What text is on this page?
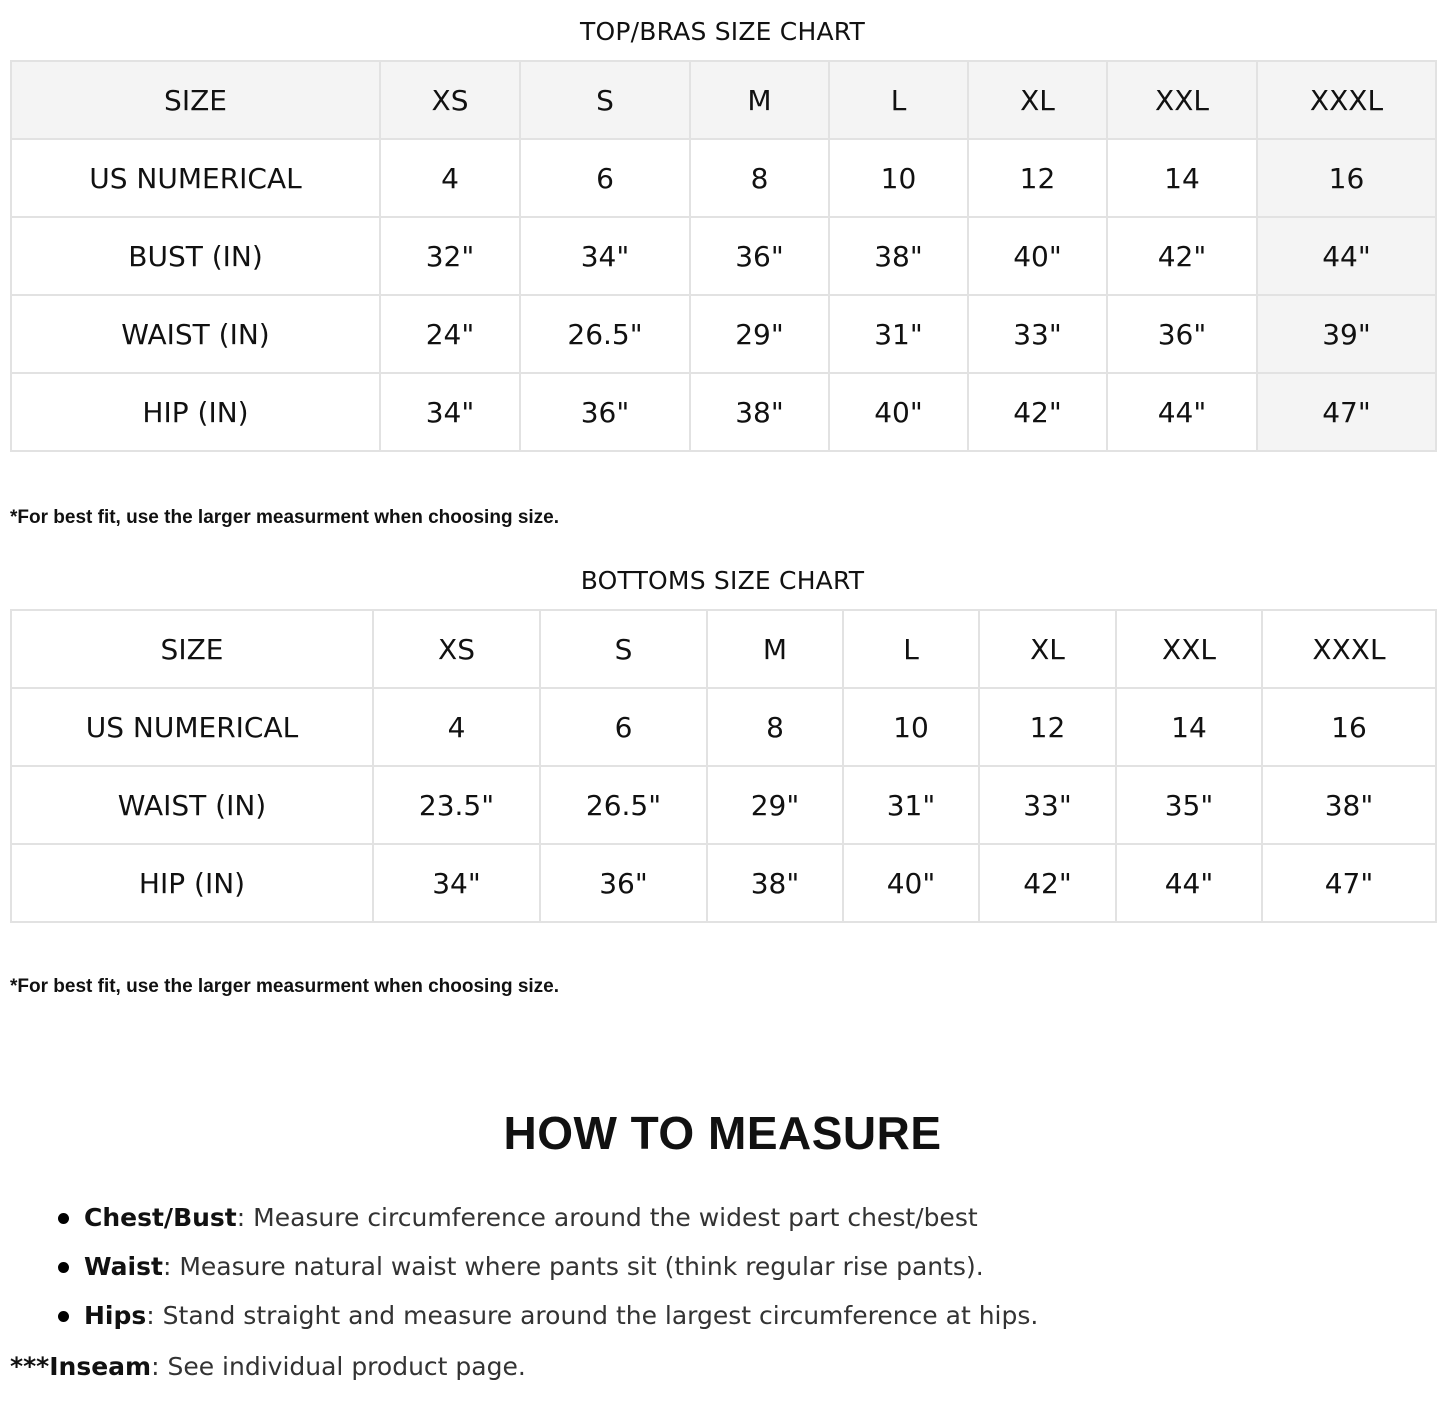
TOP/BRAS SIZE CHART
SIZE	XS	S	M	L	XL	XXL	XXXL
US NUMERICAL	4	6	8	10	12	14	16
BUST (IN)	32"	34"	36"	38"	40"	42"	44"
WAIST (IN)	24"	26.5"	29"	31"	33"	36"	39"
HIP (IN)	34"	36"	38"	40"	42"	44"	47"
*For best fit, use the larger measurment when choosing size.
BOTTOMS SIZE CHART
SIZE	XS	S	M	L	XL	XXL	XXXL
US NUMERICAL	4	6	8	10	12	14	16
WAIST (IN)	23.5"	26.5"	29"	31"	33"	35"	38"
HIP (IN)	34"	36"	38"	40"	42"	44"	47"
*For best fit, use the larger measurment when choosing size.
HOW TO MEASURE
Chest/Bust: Measure circumference around the widest part chest/best
Waist: Measure natural waist where pants sit (think regular rise pants).
Hips: Stand straight and measure around the largest circumference at hips.
***Inseam: See individual product page.
